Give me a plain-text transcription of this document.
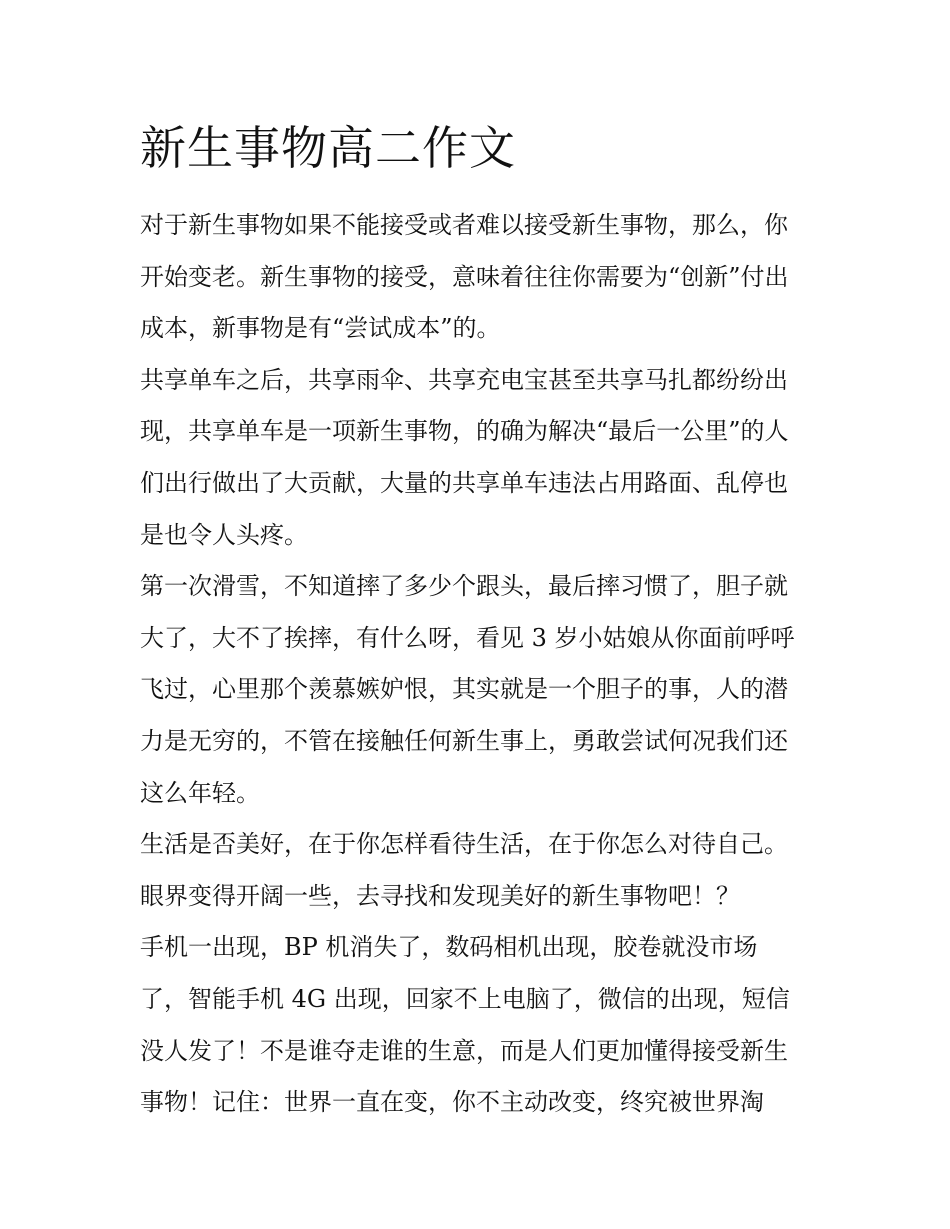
新生事物高二作文
对于新生事物如果不能接受或者难以接受新生事物，那么，你
开始变老。新生事物的接受，意味着往往你需要为“创新”付出
成本，新事物是有“尝试成本”的。
共享单车之后，共享雨伞、共享充电宝甚至共享马扎都纷纷出
现，共享单车是一项新生事物，的确为解决“最后一公里”的人
们出行做出了大贡献，大量的共享单车违法占用路面、乱停也
是也令人头疼。
第一次滑雪，不知道摔了多少个跟头，最后摔习惯了，胆子就
大了，大不了挨摔，有什么呀，看见 3 岁小姑娘从你面前呼呼
飞过，心里那个羡慕嫉妒恨，其实就是一个胆子的事，人的潜
力是无穷的，不管在接触任何新生事上，勇敢尝试何况我们还
这么年轻。
生活是否美好，在于你怎样看待生活，在于你怎么对待自己。
眼界变得开阔一些，去寻找和发现美好的新生事物吧！？
手机一出现，BP 机消失了，数码相机出现，胶卷就没市场
了，智能手机 4G 出现，回家不上电脑了，微信的出现，短信
没人发了！不是谁夺走谁的生意，而是人们更加懂得接受新生
事物！记住：世界一直在变，你不主动改变，终究被世界淘
